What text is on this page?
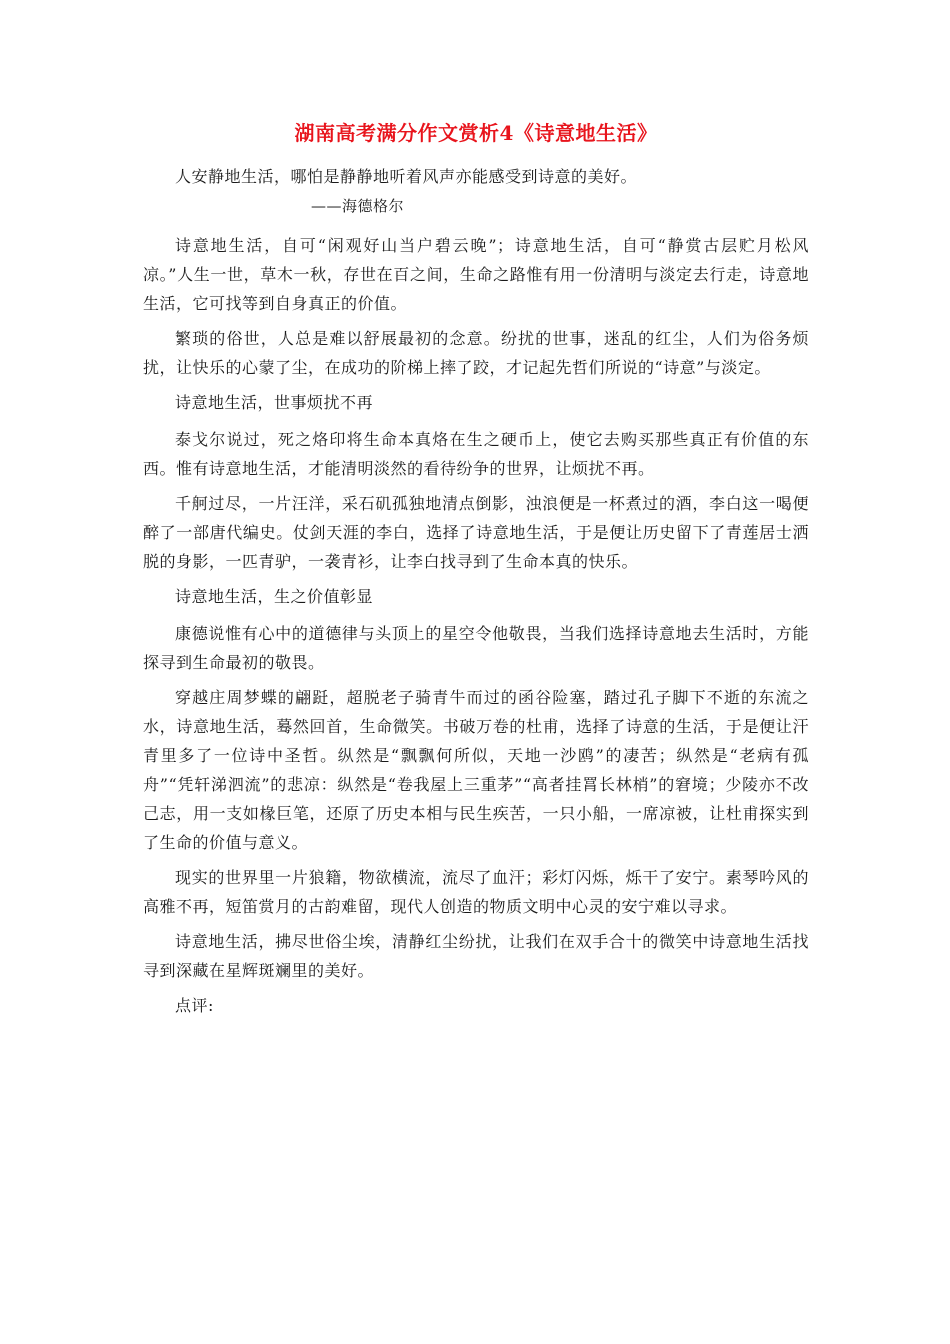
湖南高考满分作文赏析4《诗意地生活》

人安静地生活，哪怕是静静地听着风声亦能感受到诗意的美好。

——海德格尔

诗意地生活，自可“闲观好山当户碧云晚”；诗意地生活，自可“静赏古层贮月松风凉。”人生一世，草木一秋，存世在百之间，生命之路惟有用一份清明与淡定去行走，诗意地生活，它可找等到自身真正的价值。

繁琐的俗世，人总是难以舒展最初的念意。纷扰的世事，迷乱的红尘，人们为俗务烦扰，让快乐的心蒙了尘，在成功的阶梯上摔了跤，才记起先哲们所说的“诗意”与淡定。

诗意地生活，世事烦扰不再

泰戈尔说过，死之烙印将生命本真烙在生之硬币上，使它去购买那些真正有价值的东西。惟有诗意地生活，才能清明淡然的看待纷争的世界，让烦扰不再。

千舸过尽，一片汪洋，采石矶孤独地清点倒影，浊浪便是一杯煮过的酒，李白这一喝便醉了一部唐代编史。仗剑天涯的李白，选择了诗意地生活，于是便让历史留下了青莲居士洒脱的身影，一匹青驴，一袭青衫，让李白找寻到了生命本真的快乐。

诗意地生活，生之价值彰显

康德说惟有心中的道德律与头顶上的星空令他敬畏，当我们选择诗意地去生活时，方能探寻到生命最初的敬畏。

穿越庄周梦蝶的翩跹，超脱老子骑青牛而过的函谷险塞，踏过孔子脚下不逝的东流之水，诗意地生活，蓦然回首，生命微笑。书破万卷的杜甫，选择了诗意的生活，于是便让汗青里多了一位诗中圣哲。纵然是“飘飘何所似，天地一沙鸥”的凄苦；纵然是“老病有孤舟”“凭轩涕泗流”的悲凉：纵然是“卷我屋上三重茅”“高者挂罥长林梢”的窘境；少陵亦不改己志，用一支如椽巨笔，还原了历史本相与民生疾苦，一只小船，一席凉被，让杜甫探实到了生命的价值与意义。

现实的世界里一片狼籍，物欲横流，流尽了血汗；彩灯闪烁，烁干了安宁。素琴吟风的高雅不再，短笛赏月的古韵难留，现代人创造的物质文明中心灵的安宁难以寻求。

诗意地生活，拂尽世俗尘埃，清静红尘纷扰，让我们在双手合十的微笑中诗意地生活找寻到深藏在星辉斑斓里的美好。

点评:
